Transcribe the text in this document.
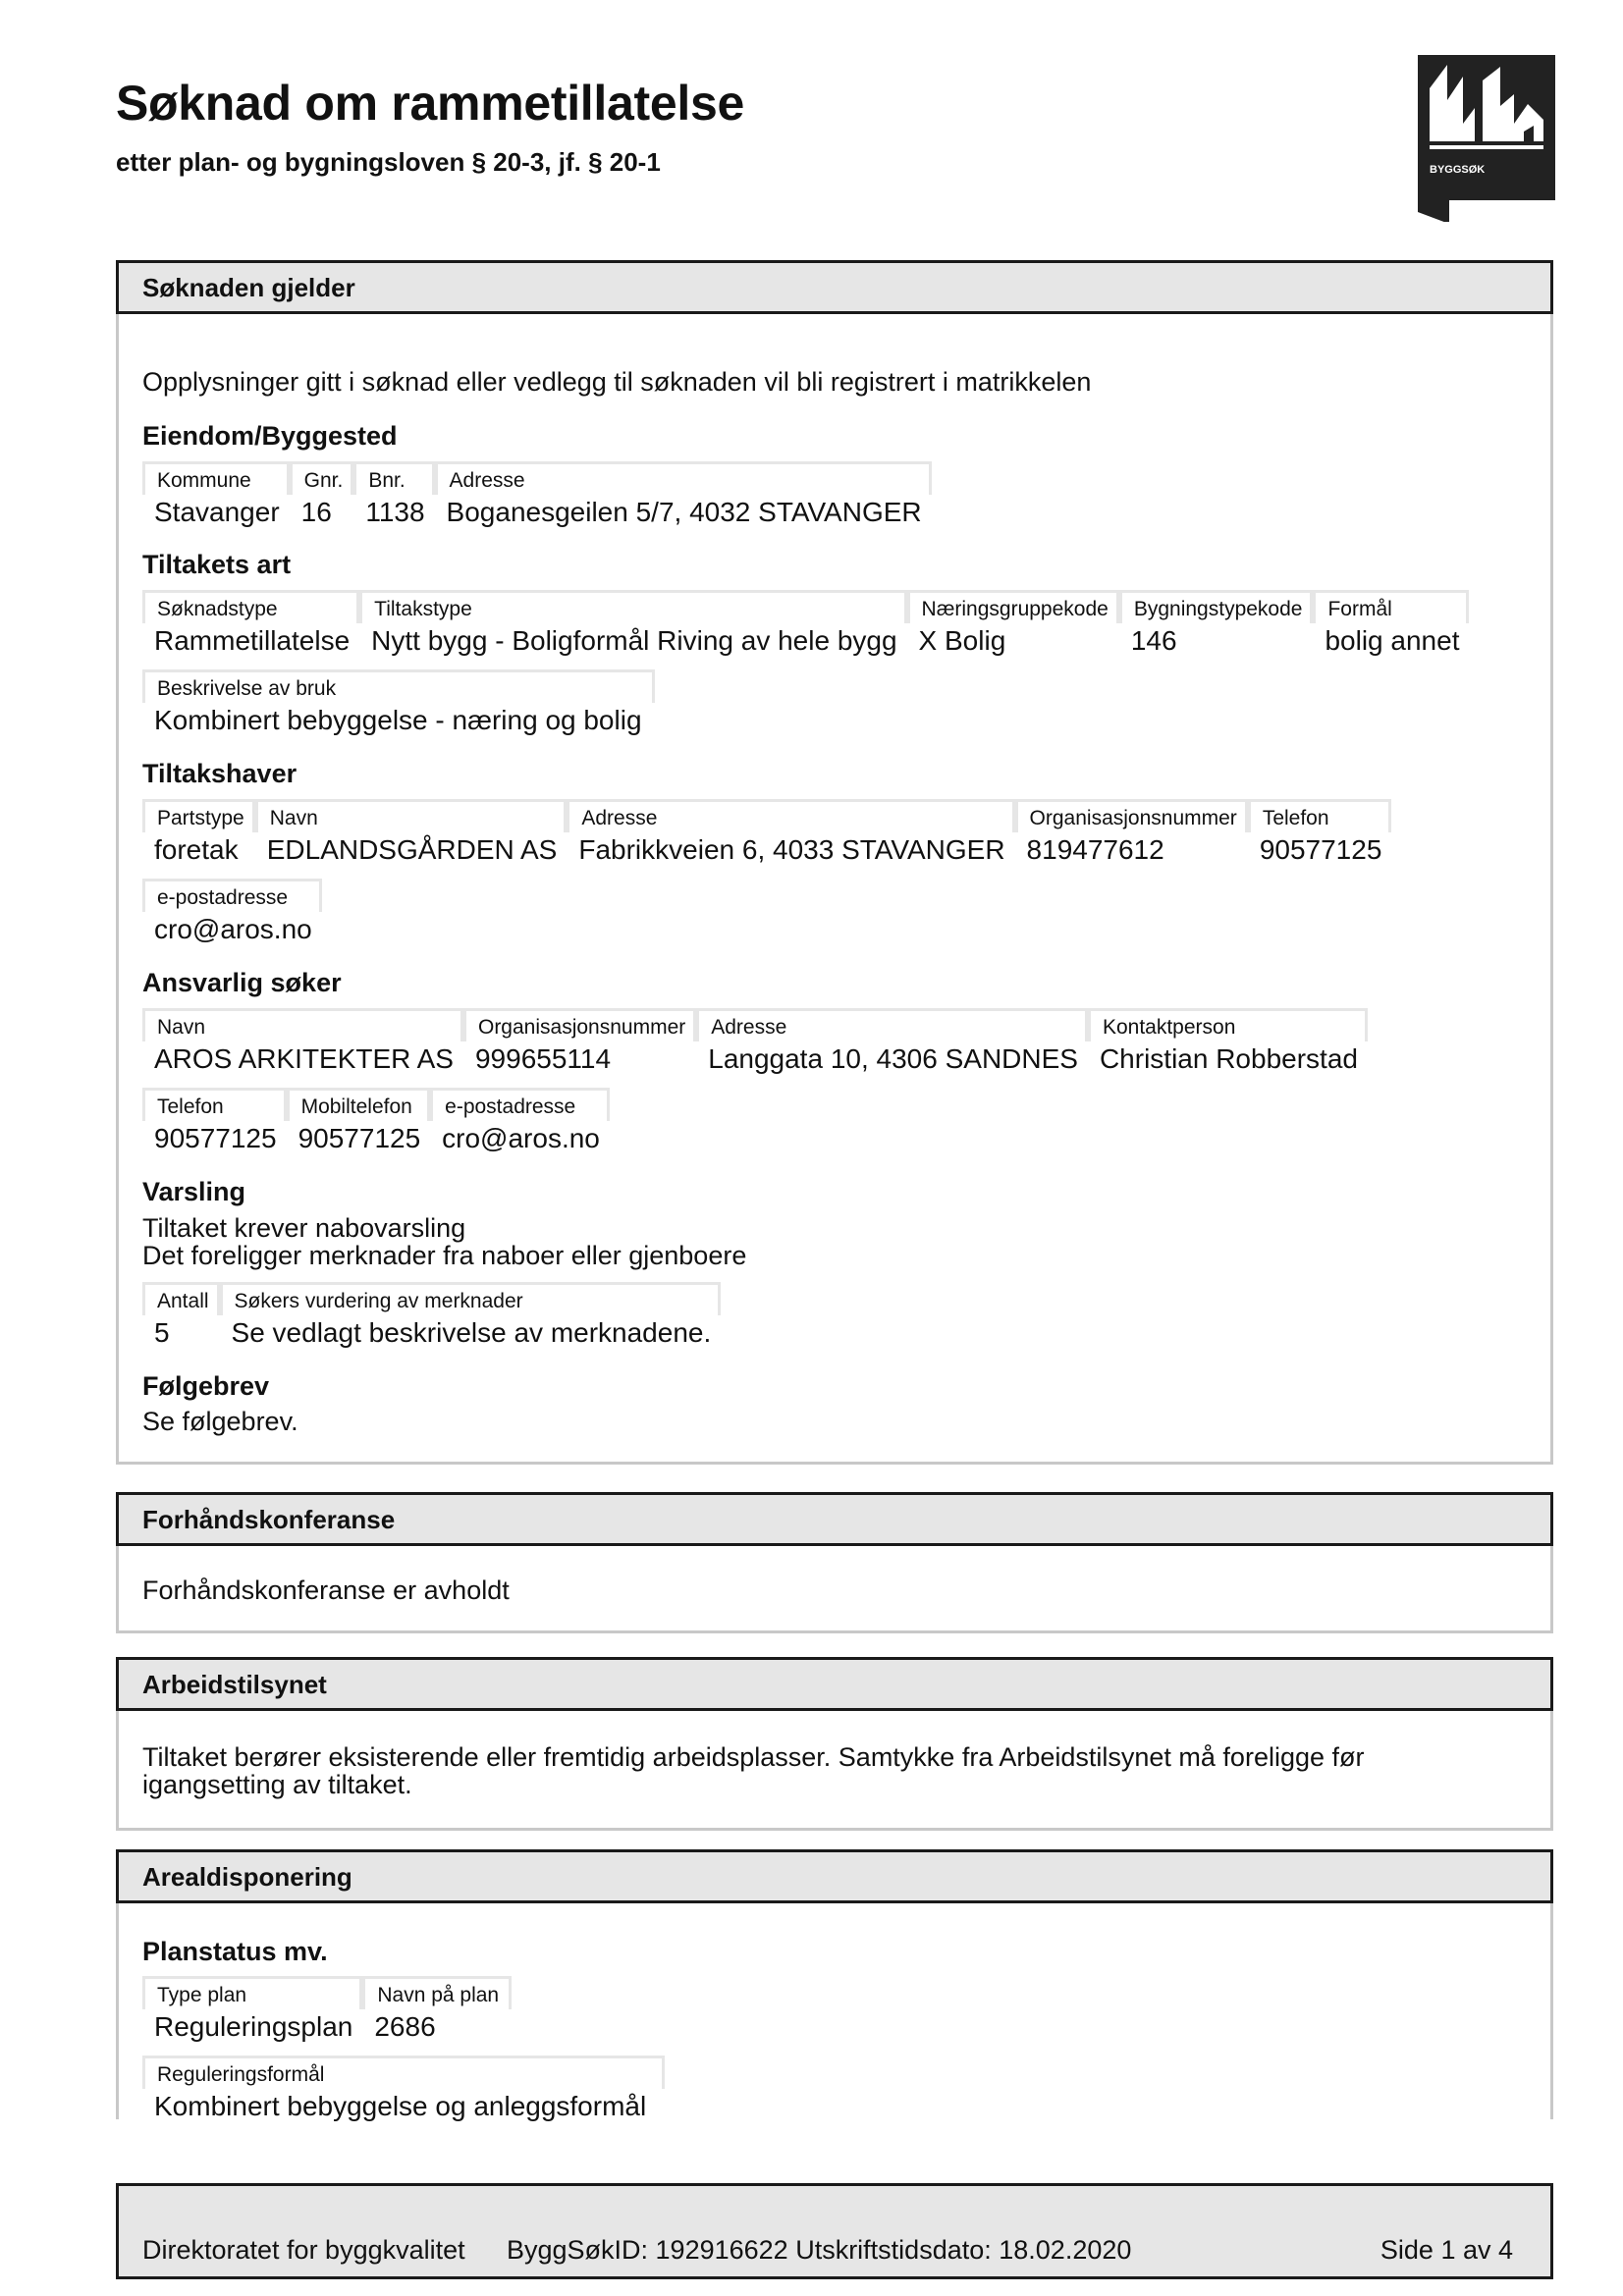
Søknad om rammetillatelse
etter plan- og bygningsloven § 20-3, jf. § 20-1	BYGGSØK
Søknaden gjelder
Opplysninger gitt i søknad eller vedlegg til søknaden vil bli registrert i matrikkelen
Eiendom/Byggested
Kommune
Stavanger
Gnr.
16
Bnr.
1138
Adresse
Boganesgeilen 5/7, 4032 STAVANGER
Tiltakets art
Søknadstype
Rammetillatelse
Tiltakstype
Nytt bygg - Boligformål Riving av hele bygg
Næringsgruppekode
X Bolig
Bygningstypekode
146
Formål
bolig annet
Beskrivelse av bruk
Kombinert bebyggelse - næring og bolig
Tiltakshaver
Partstype
foretak
Navn
EDLANDSGÅRDEN AS
Adresse
Fabrikkveien 6, 4033 STAVANGER
Organisasjonsnummer
819477612
Telefon
90577125
e-postadresse
cro@aros.no
Ansvarlig søker
Navn
AROS ARKITEKTER AS
Organisasjonsnummer
999655114
Adresse
Langgata 10, 4306 SANDNES
Kontaktperson
Christian Robberstad
Telefon
90577125
Mobiltelefon
90577125
e-postadresse
cro@aros.no
Varsling
Tiltaket krever nabovarsling
Det foreligger merknader fra naboer eller gjenboere
Antall
5
Søkers vurdering av merknader
Se vedlagt beskrivelse av merknadene.
Følgebrev
Se følgebrev.
Forhåndskonferanse
Forhåndskonferanse er avholdt
Arbeidstilsynet
Tiltaket berører eksisterende eller fremtidig arbeidsplasser. Samtykke fra Arbeidstilsynet må foreligge før
igangsetting av tiltaket.
Arealdisponering
Planstatus mv.
Type plan
Reguleringsplan
Navn på plan
2686
Reguleringsformål
Kombinert bebyggelse og anleggsformål
Direktoratet for byggkvalitet ByggSøkID: 192916622 Utskriftstidsdato: 18.02.2020	Side 1 av 4
